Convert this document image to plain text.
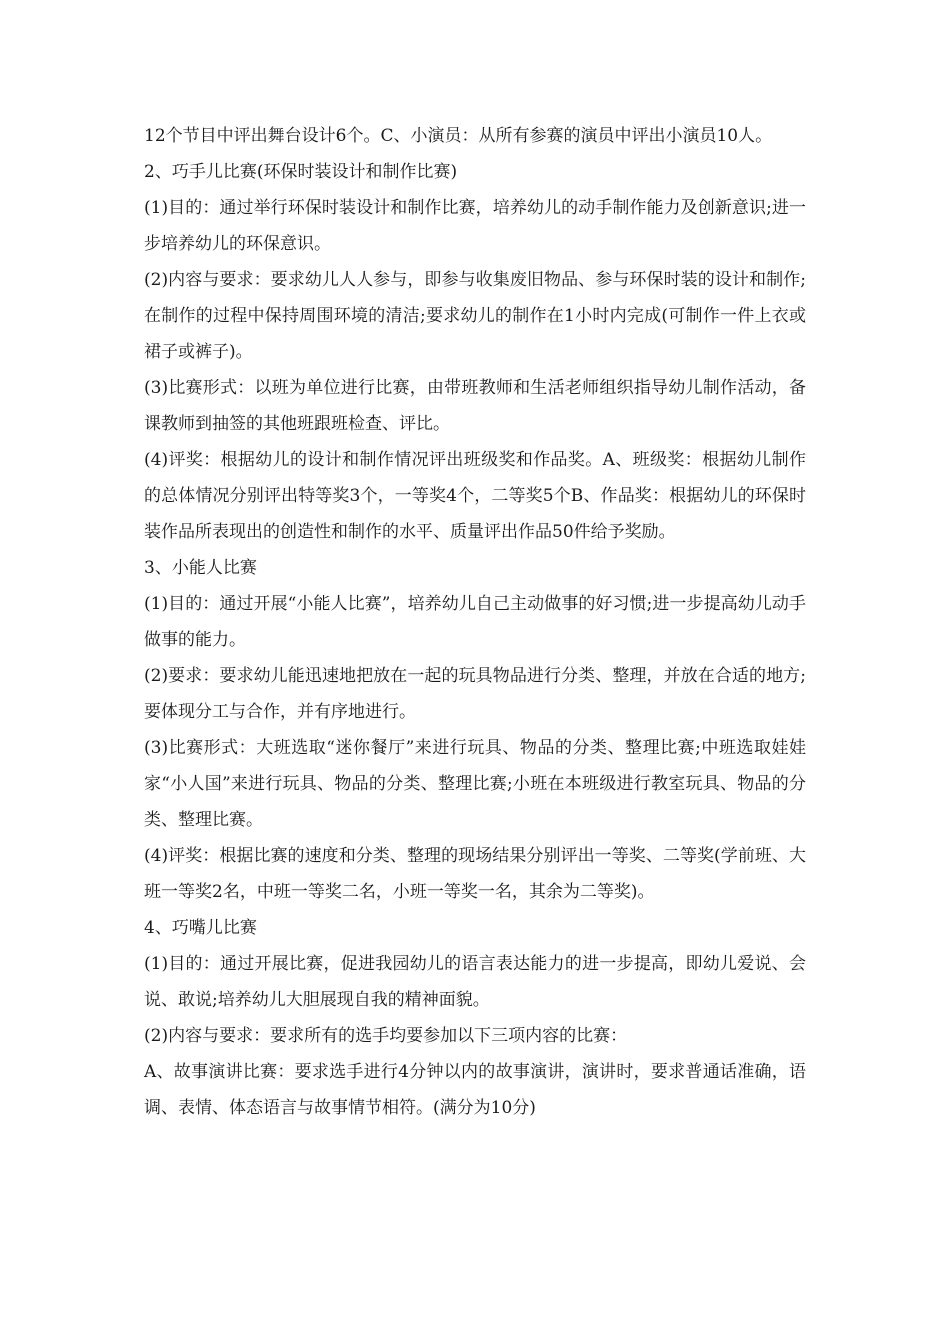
12个节目中评出舞台设计6个。C、小演员：从所有参赛的演员中评出小演员10人。

2、巧手儿比赛(环保时装设计和制作比赛)

(1)目的：通过举行环保时装设计和制作比赛，培养幼儿的动手制作能力及创新意识;进一步培养幼儿的环保意识。

(2)内容与要求：要求幼儿人人参与，即参与收集废旧物品、参与环保时装的设计和制作;在制作的过程中保持周围环境的清洁;要求幼儿的制作在1小时内完成(可制作一件上衣或裙子或裤子)。

(3)比赛形式：以班为单位进行比赛，由带班教师和生活老师组织指导幼儿制作活动，备课教师到抽签的其他班跟班检查、评比。

(4)评奖：根据幼儿的设计和制作情况评出班级奖和作品奖。A、班级奖：根据幼儿制作的总体情况分别评出特等奖3个，一等奖4个，二等奖5个B、作品奖：根据幼儿的环保时装作品所表现出的创造性和制作的水平、质量评出作品50件给予奖励。

3、小能人比赛

(1)目的：通过开展“小能人比赛”，培养幼儿自己主动做事的好习惯;进一步提高幼儿动手做事的能力。

(2)要求：要求幼儿能迅速地把放在一起的玩具物品进行分类、整理，并放在合适的地方;要体现分工与合作，并有序地进行。

(3)比赛形式：大班选取“迷你餐厅”来进行玩具、物品的分类、整理比赛;中班选取娃娃家“小人国”来进行玩具、物品的分类、整理比赛;小班在本班级进行教室玩具、物品的分类、整理比赛。

(4)评奖：根据比赛的速度和分类、整理的现场结果分别评出一等奖、二等奖(学前班、大班一等奖2名，中班一等奖二名，小班一等奖一名，其余为二等奖)。

4、巧嘴儿比赛

(1)目的：通过开展比赛，促进我园幼儿的语言表达能力的进一步提高，即幼儿爱说、会说、敢说;培养幼儿大胆展现自我的精神面貌。

(2)内容与要求：要求所有的选手均要参加以下三项内容的比赛：

A、故事演讲比赛：要求选手进行4分钟以内的故事演讲，演讲时，要求普通话准确，语调、表情、体态语言与故事情节相符。(满分为10分)
